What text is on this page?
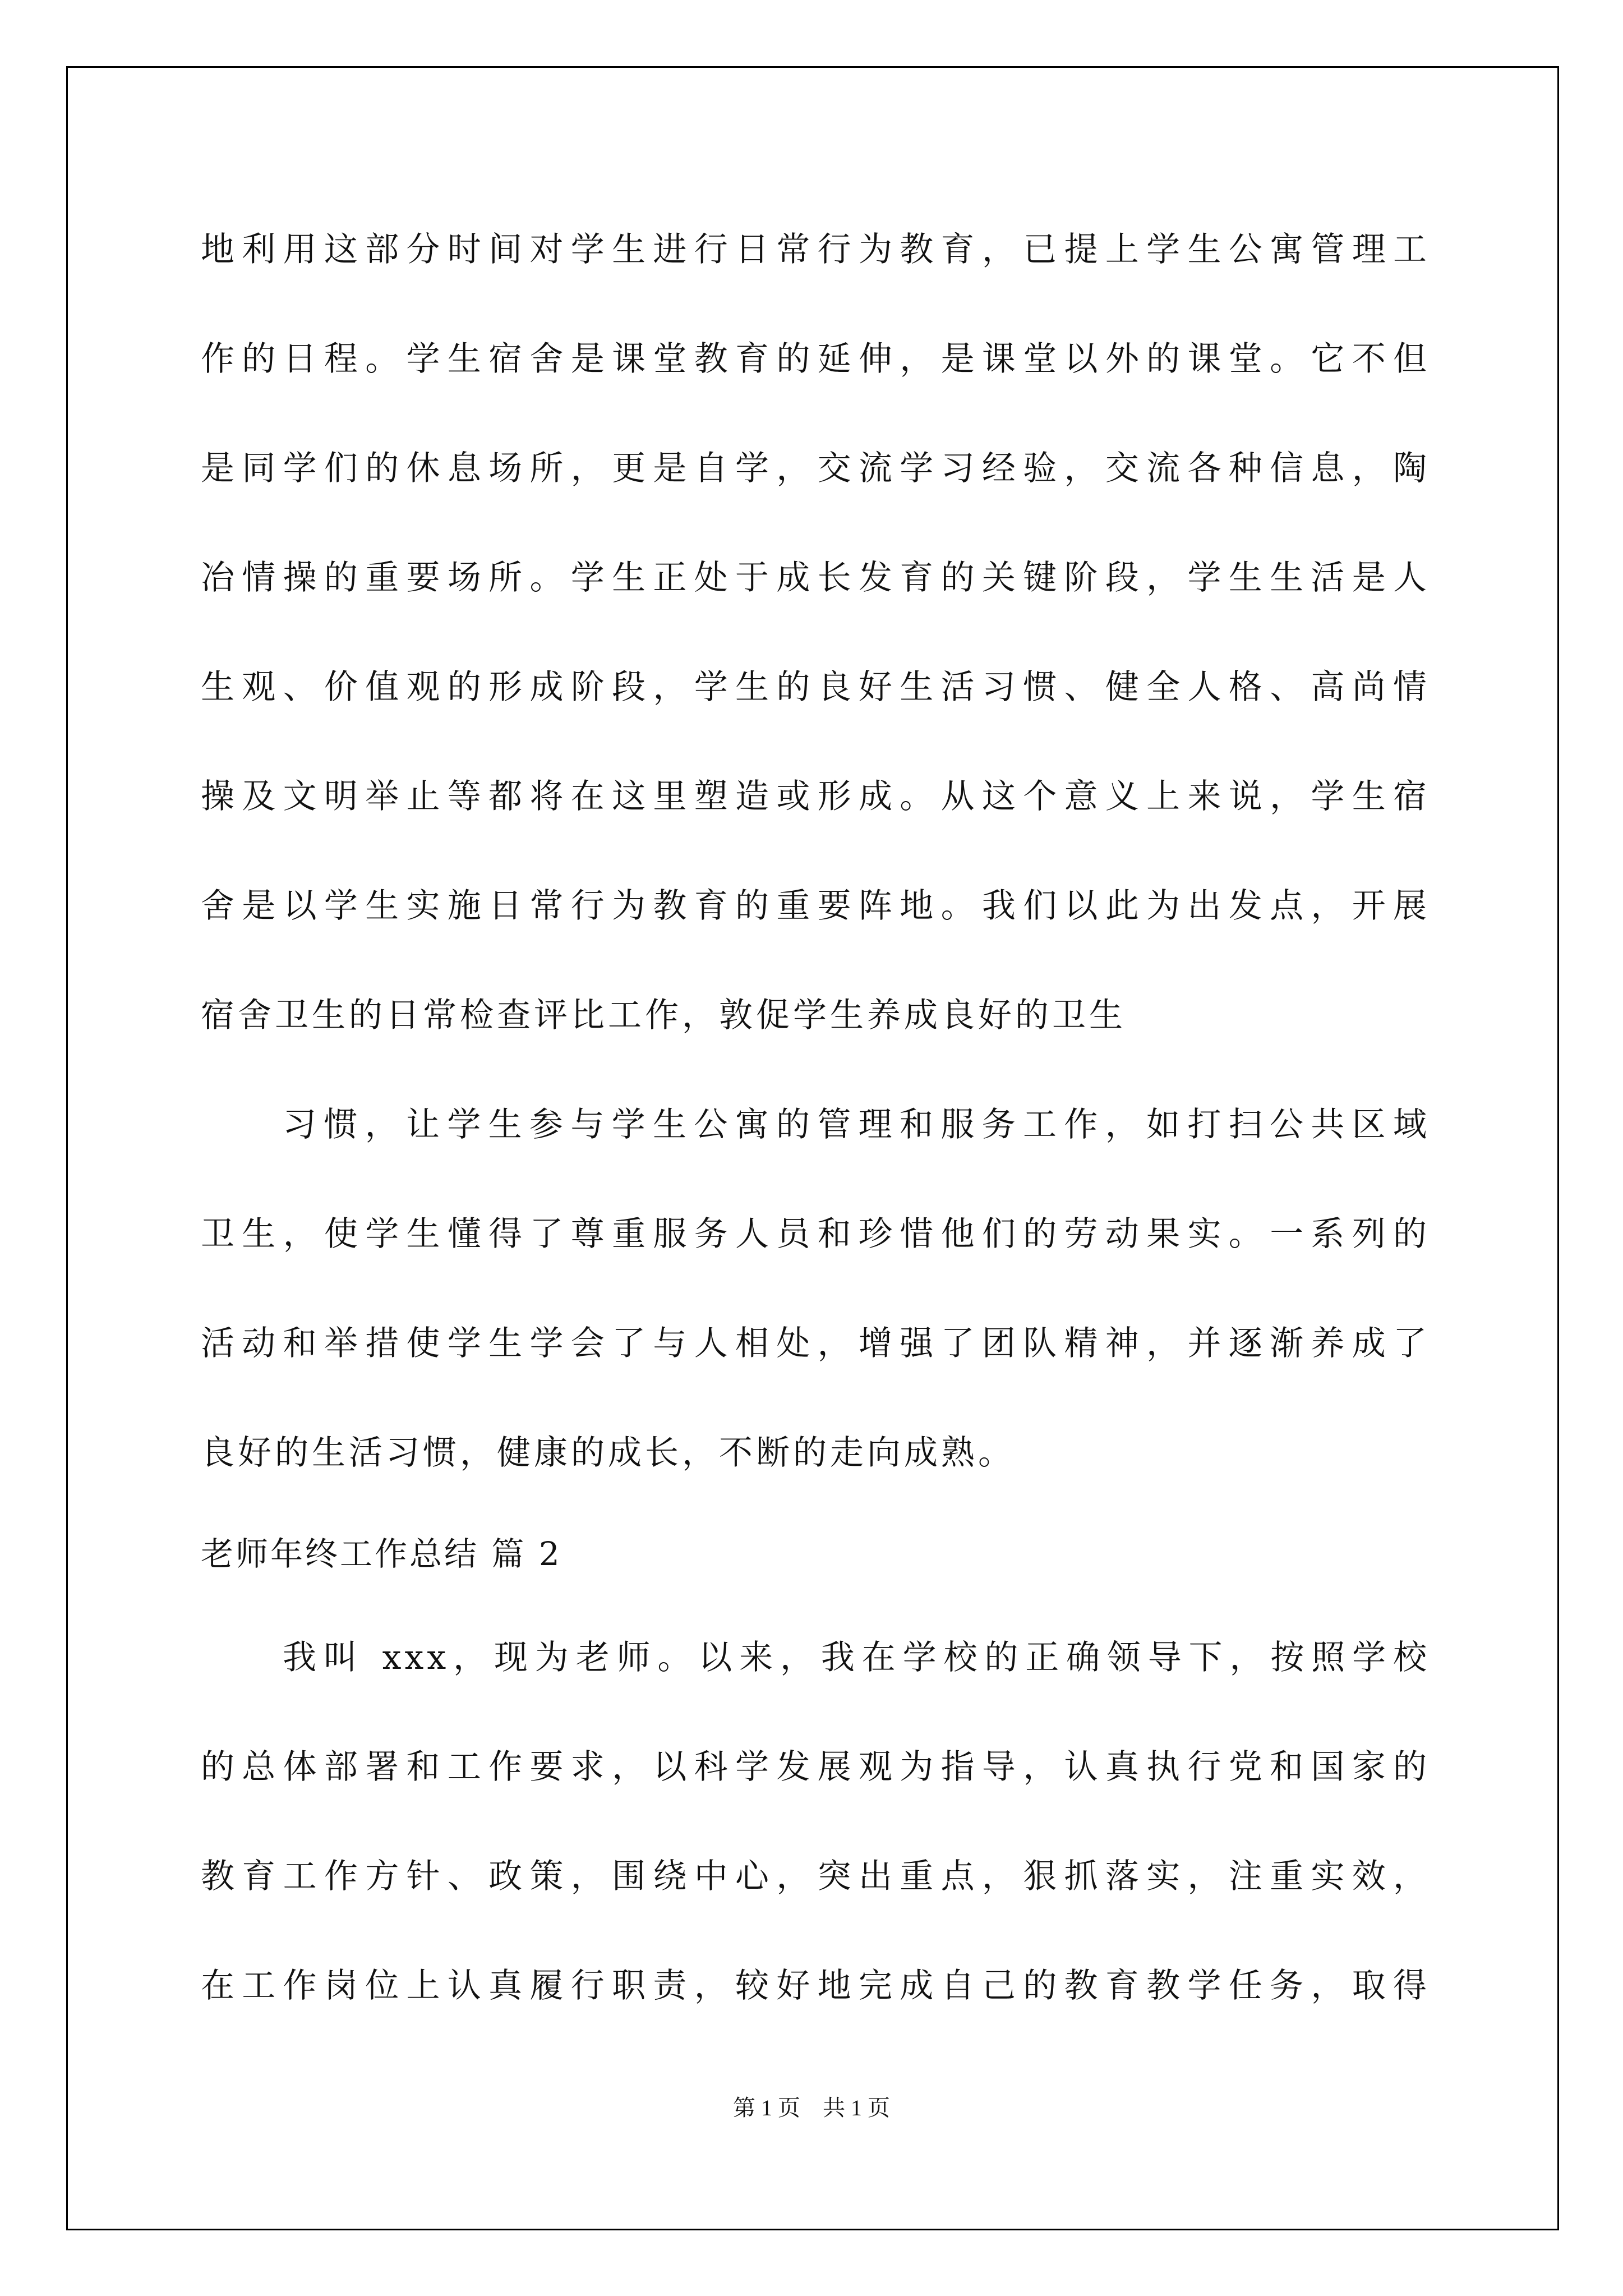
地利用这部分时间对学生进行日常行为教育，已提上学生公寓管理工
作的日程。学生宿舍是课堂教育的延伸，是课堂以外的课堂。它不但
是同学们的休息场所，更是自学，交流学习经验，交流各种信息，陶
冶情操的重要场所。学生正处于成长发育的关键阶段，学生生活是人
生观、价值观的形成阶段，学生的良好生活习惯、健全人格、高尚情
操及文明举止等都将在这里塑造或形成。从这个意义上来说，学生宿
舍是以学生实施日常行为教育的重要阵地。我们以此为出发点，开展
宿舍卫生的日常检查评比工作，敦促学生养成良好的卫生
习惯，让学生参与学生公寓的管理和服务工作，如打扫公共区域
卫生，使学生懂得了尊重服务人员和珍惜他们的劳动果实。一系列的
活动和举措使学生学会了与人相处，增强了团队精神，并逐渐养成了
良好的生活习惯，健康的成长，不断的走向成熟。
老师年终工作总结 篇 2
我叫 xxx，现为老师。以来，我在学校的正确领导下，按照学校
的总体部署和工作要求，以科学发展观为指导，认真执行党和国家的
教育工作方针、政策，围绕中心，突出重点，狠抓落实，注重实效，
在工作岗位上认真履行职责，较好地完成自己的教育教学任务，取得
第 1 页    共 1 页
